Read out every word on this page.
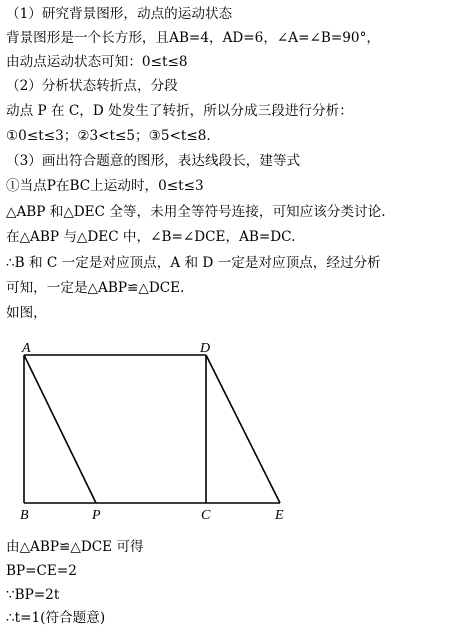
（1）研究背景图形，动点的运动状态
背景图形是一个长方形，且AB=4，AD=6，∠A=∠B=90°，
由动点运动状态可知：0≤t≤8
（2）分析状态转折点，分段
动点 P 在 C，D 处发生了转折，所以分成三段进行分析：
①0≤t≤3；②3<t≤5；③5<t≤8.
（3）画出符合题意的图形，表达线段长，建等式
①当点P在BC上运动时，0≤t≤3
△ABP 和△DEC 全等，未用全等符号连接，可知应该分类讨论.
在△ABP 与△DEC 中，∠B=∠DCE，AB=DC.
∴B 和 C 一定是对应顶点，A 和 D 一定是对应顶点，经过分析
可知，一定是△ABP≌△DCE.
如图，
A	D
B	P	C	E
由△ABP≌△DCE 可得
BP=CE=2
∵BP=2t
∴t=1(符合题意)
